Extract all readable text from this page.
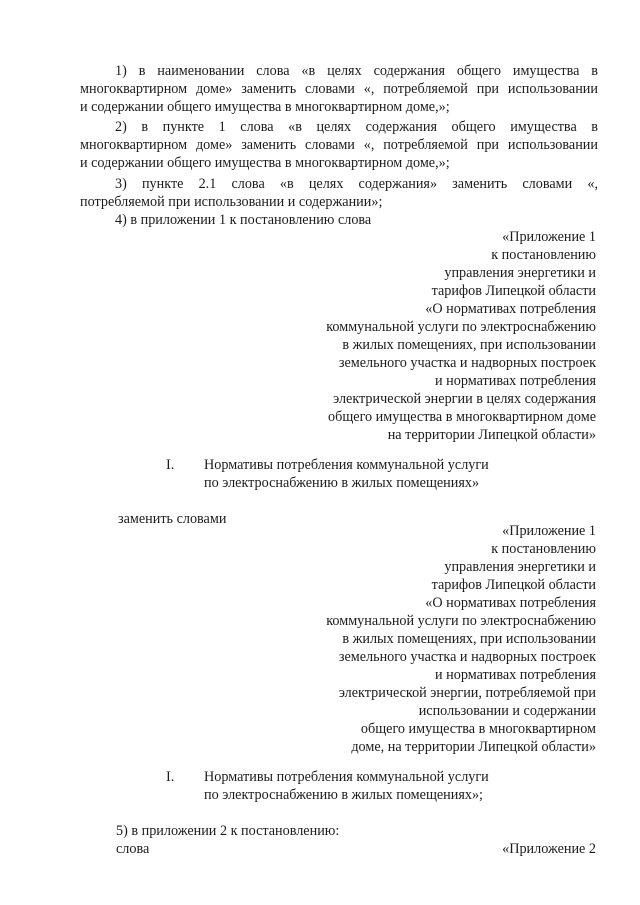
1) в наименовании слова «в целях содержания общего имущества в
многоквартирном доме» заменить словами «, потребляемой при использовании
и содержании общего имущества в многоквартирном доме,»;
2) в пункте 1 слова «в целях содержания общего имущества в
многоквартирном доме» заменить словами «, потребляемой при использовании
и содержании общего имущества в многоквартирном доме,»;
3) пункте 2.1 слова «в целях содержания» заменить словами «,
потребляемой при использовании и содержании»;
4) в приложении 1 к постановлению слова
«Приложение 1
к постановлению
управления энергетики и
тарифов Липецкой области
«О нормативах потребления
коммунальной услуги по электроснабжению
в жилых помещениях, при использовании
земельного участка и надворных построек
и нормативах потребления
электрической энергии в целях содержания
общего имущества в многоквартирном доме
на территории Липецкой области»
I. Нормативы потребления коммунальной услуги
по электроснабжению в жилых помещениях»
заменить словами
«Приложение 1
к постановлению
управления энергетики и
тарифов Липецкой области
«О нормативах потребления
коммунальной услуги по электроснабжению
в жилых помещениях, при использовании
земельного участка и надворных построек
и нормативах потребления
электрической энергии, потребляемой при
использовании и содержании
общего имущества в многоквартирном
доме, на территории Липецкой области»
I. Нормативы потребления коммунальной услуги
по электроснабжению в жилых помещениях»;
5) в приложении 2 к постановлению:
слова	«Приложение 2
